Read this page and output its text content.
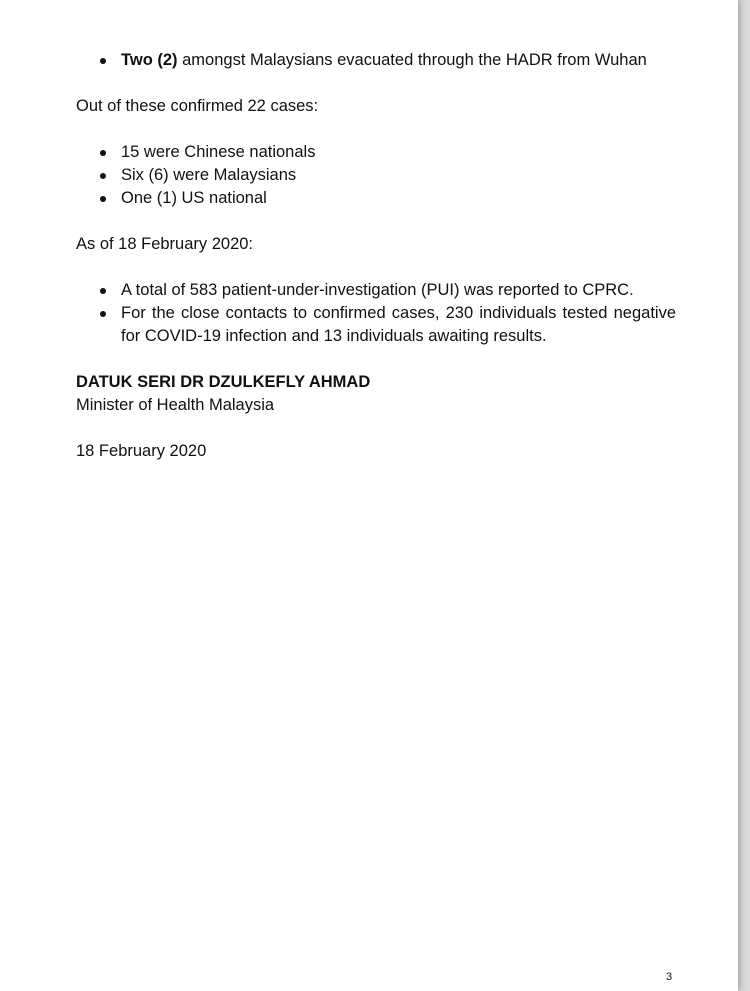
Two (2) amongst Malaysians evacuated through the HADR from Wuhan

Out of these confirmed 22 cases:

15 were Chinese nationals
Six (6) were Malaysians
One (1) US national

As of 18 February 2020:

A total of 583 patient-under-investigation (PUI) was reported to CPRC.
For the close contacts to confirmed cases, 230 individuals tested negative for COVID-19 infection and 13 individuals awaiting results.

DATUK SERI DR DZULKEFLY AHMAD

Minister of Health Malaysia

18 February 2020

3
